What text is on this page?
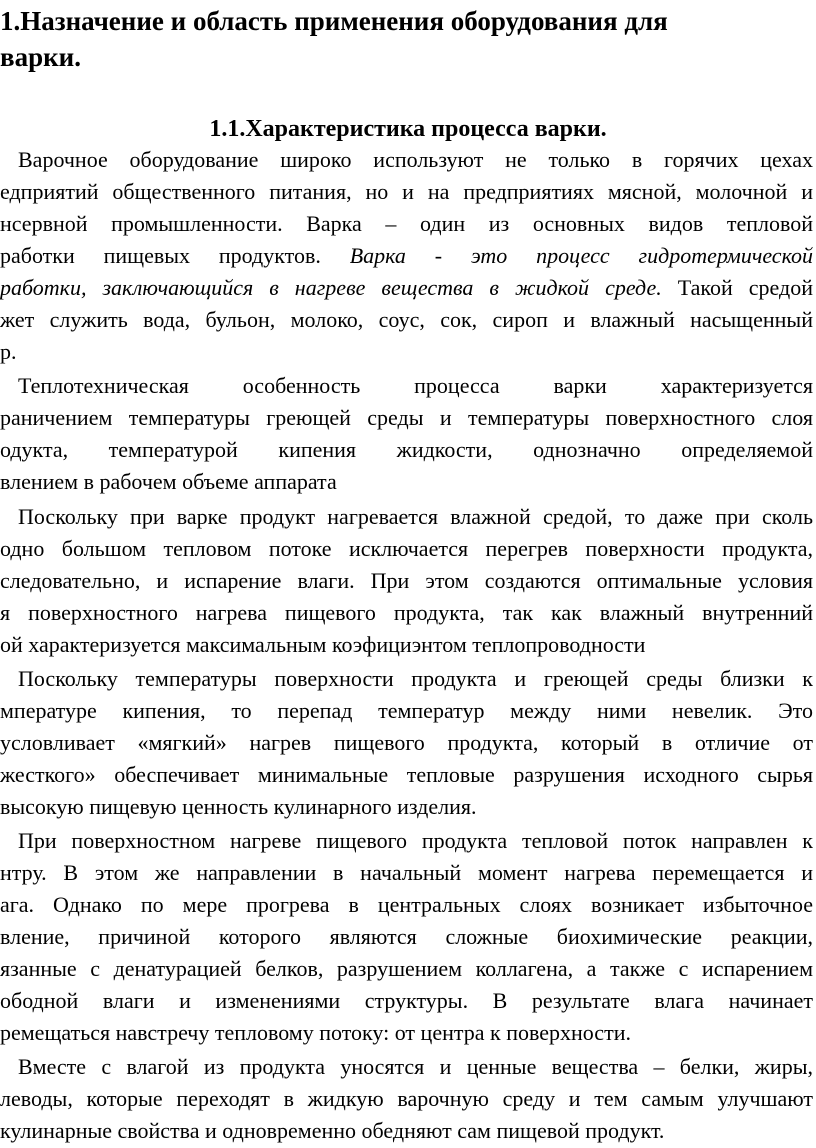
1.Назначение и область применения оборудования для
варки.
1.1.Характеристика процесса варки.
Варочное оборудование широко используют не только в горячих цехах
едприятий общественного питания, но и на предприятиях мясной, молочной и
нсервной промышленности. Варка – один из основных видов тепловой
работки пищевых продуктов. Варка - это процесс гидротермической
работки, заключающийся в нагреве вещества в жидкой среде. Такой средой
жет служить вода, бульон, молоко, соус, сок, сироп и влажный насыщенный
р.
Теплотехническая особенность процесса варки характеризуется
раничением температуры греющей среды и температуры поверхностного слоя
одукта, температурой кипения жидкости, однозначно определяемой
влением в рабочем объеме аппарата
Поскольку при варке продукт нагревается влажной средой, то даже при сколь
одно большом тепловом потоке исключается перегрев поверхности продукта,
следовательно, и испарение влаги. При этом создаются оптимальные условия
я поверхностного нагрева пищевого продукта, так как влажный внутренний
ой характеризуется максимальным коэфициэнтом теплопроводности
Поскольку температуры поверхности продукта и греющей среды близки к
мпературе кипения, то перепад температур между ними невелик. Это
условливает «мягкий» нагрев пищевого продукта, который в отличие от
жесткого» обеспечивает минимальные тепловые разрушения исходного сырья
высокую пищевую ценность кулинарного изделия.
При поверхностном нагреве пищевого продукта тепловой поток направлен к
нтру. В этом же направлении в начальный момент нагрева перемещается и
ага. Однако по мере прогрева в центральных слоях возникает избыточное
вление, причиной которого являются сложные биохимические реакции,
язанные с денатурацией белков, разрушением коллагена, а также с испарением
ободной влаги и изменениями структуры. В результате влага начинает
ремещаться навстречу тепловому потоку: от центра к поверхности.
Вместе с влагой из продукта уносятся и ценные вещества – белки, жиры,
леводы, которые переходят в жидкую варочную среду и тем самым улучшают
кулинарные свойства и одновременно обедняют сам пищевой продукт.
